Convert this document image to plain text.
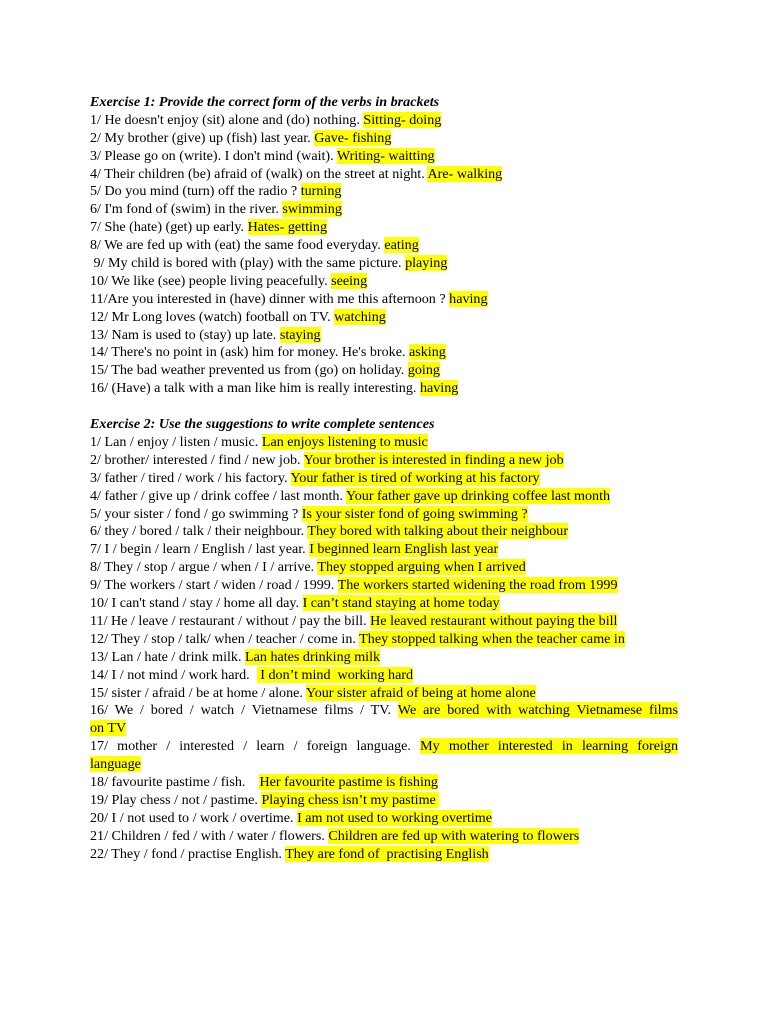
Exercise 1: Provide the correct form of the verbs in brackets
1/ He doesn't enjoy (sit) alone and (do) nothing. Sitting- doing
2/ My brother (give) up (fish) last year. Gave- fishing
3/ Please go on (write). I don't mind (wait). Writing- waitting
4/ Their children (be) afraid of (walk) on the street at night. Are- walking
5/ Do you mind (turn) off the radio ? turning
6/ I'm fond of (swim) in the river. swimming
7/ She (hate) (get) up early. Hates- getting
8/ We are fed up with (eat) the same food everyday. eating
9/ My child is bored with (play) with the same picture. playing
10/ We like (see) people living peacefully. seeing
11/Are you interested in (have) dinner with me this afternoon ? having
12/ Mr Long loves (watch) football on TV. watching
13/ Nam is used to (stay) up late. staying
14/ There's no point in (ask) him for money. He's broke. asking
15/ The bad weather prevented us from (go) on holiday. going
16/ (Have) a talk with a man like him is really interesting. having
Exercise 2: Use the suggestions to write complete sentences
1/ Lan / enjoy / listen / music. Lan enjoys listening to music
2/ brother/ interested / find / new job. Your brother is interested in finding a new job
3/ father / tired / work / his factory. Your father is tired of working at his factory
4/ father / give up / drink coffee / last month. Your father gave up drinking coffee last month
5/ your sister / fond / go swimming ? Is your sister fond of going swimming ?
6/ they / bored / talk / their neighbour. They bored with talking about their neighbour
7/ I / begin / learn / English / last year. I beginned learn English last year
8/ They / stop / argue / when / I / arrive. They stopped arguing when I arrived
9/ The workers / start / widen / road / 1999. The workers started widening the road from 1999
10/ I can't stand / stay / home all day. I can’t stand staying at home today
11/ He / leave / restaurant / without / pay the bill. He leaved restaurant without paying the bill
12/ They / stop / talk/ when / teacher / come in. They stopped talking when the teacher came in
13/ Lan / hate / drink milk. Lan hates drinking milk
14/ I / not mind / work hard.   I don’t mind  working hard
15/ sister / afraid / be at home / alone. Your sister afraid of being at home alone
16/ We / bored / watch / Vietnamese films / TV. We are bored with watching Vietnamese films
on TV
17/ mother / interested / learn / foreign language. My mother interested in learning foreign
language
18/ favourite pastime / fish.    Her favourite pastime is fishing
19/ Play chess / not / pastime. Playing chess isn’t my pastime
20/ I / not used to / work / overtime. I am not used to working overtime
21/ Children / fed / with / water / flowers. Children are fed up with watering to flowers
22/ They / fond / practise English. They are fond of  practising English
